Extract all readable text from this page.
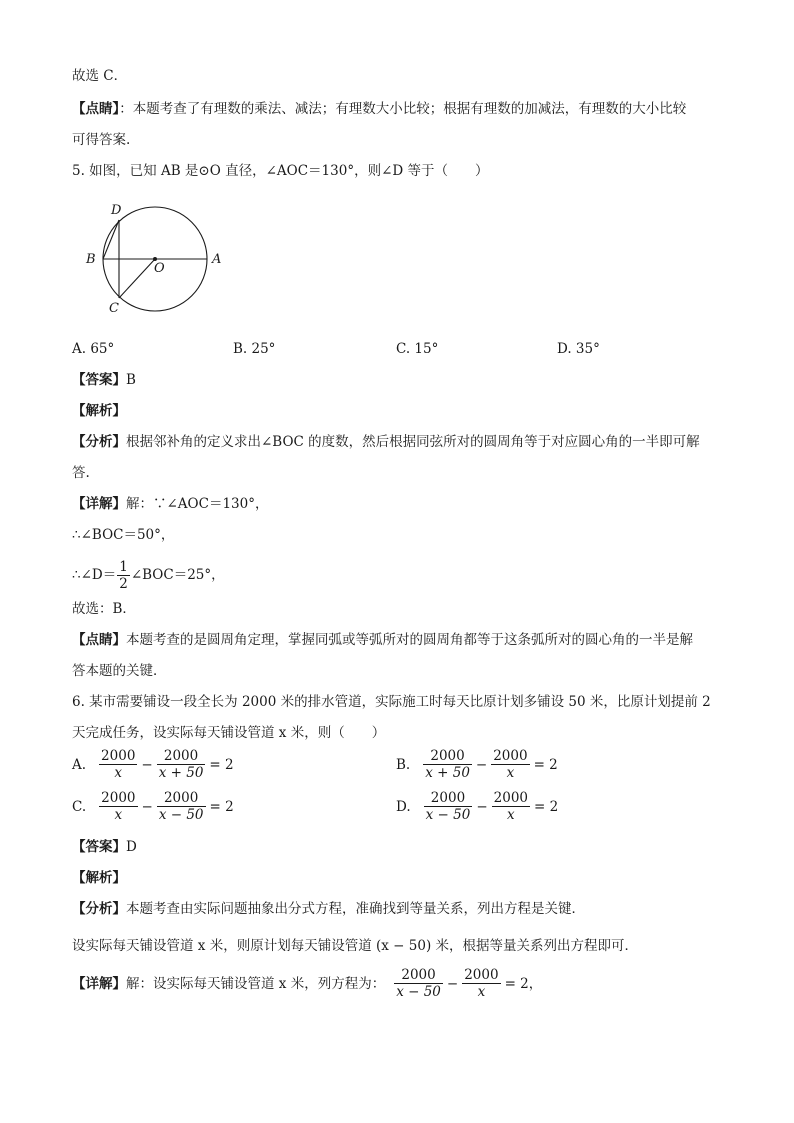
故选 C．
【点睛】：本题考查了有理数的乘法、减法；有理数大小比较；根据有理数的加减法，有理数的大小比较
可得答案.
5. 如图，已知 AB 是⊙O 直径，∠AOC＝130°，则∠D 等于（　　）
D
B
O
A
C
A. 65°	B. 25°	C. 15°	D. 35°
【答案】B
【解析】
【分析】根据邻补角的定义求出∠BOC 的度数，然后根据同弦所对的圆周角等于对应圆心角的一半即可解
答.
【详解】解：∵∠AOC＝130°，
∴∠BOC＝50°，
∴∠D＝ $\frac{1}{2}$ ∠BOC＝25°，
故选：B．
【点睛】本题考查的是圆周角定理，掌握同弧或等弧所对的圆周角都等于这条弧所对的圆心角的一半是解
答本题的关键．
6. 某市需要铺设一段全长为 2000 米的排水管道，实际施工时每天比原计划多铺设 50 米，比原计划提前 2
天完成任务，设实际每天铺设管道 x 米，则（　　）
A. $\frac{2000}{x} - \frac{2000}{x + 50} = 2$	B. $\frac{2000}{x + 50} - \frac{2000}{x} = 2$
C. $\frac{2000}{x} - \frac{2000}{x - 50} = 2$	D. $\frac{2000}{x - 50} - \frac{2000}{x} = 2$
【答案】D
【解析】
【分析】本题考查由实际问题抽象出分式方程，准确找到等量关系，列出方程是关键．
设实际每天铺设管道 x 米，则原计划每天铺设管道 (x − 50) 米，根据等量关系列出方程即可．
【详解】 解：设实际每天铺设管道 x 米，列方程为： $\frac{2000}{x - 50} - \frac{2000}{x} = 2$，
